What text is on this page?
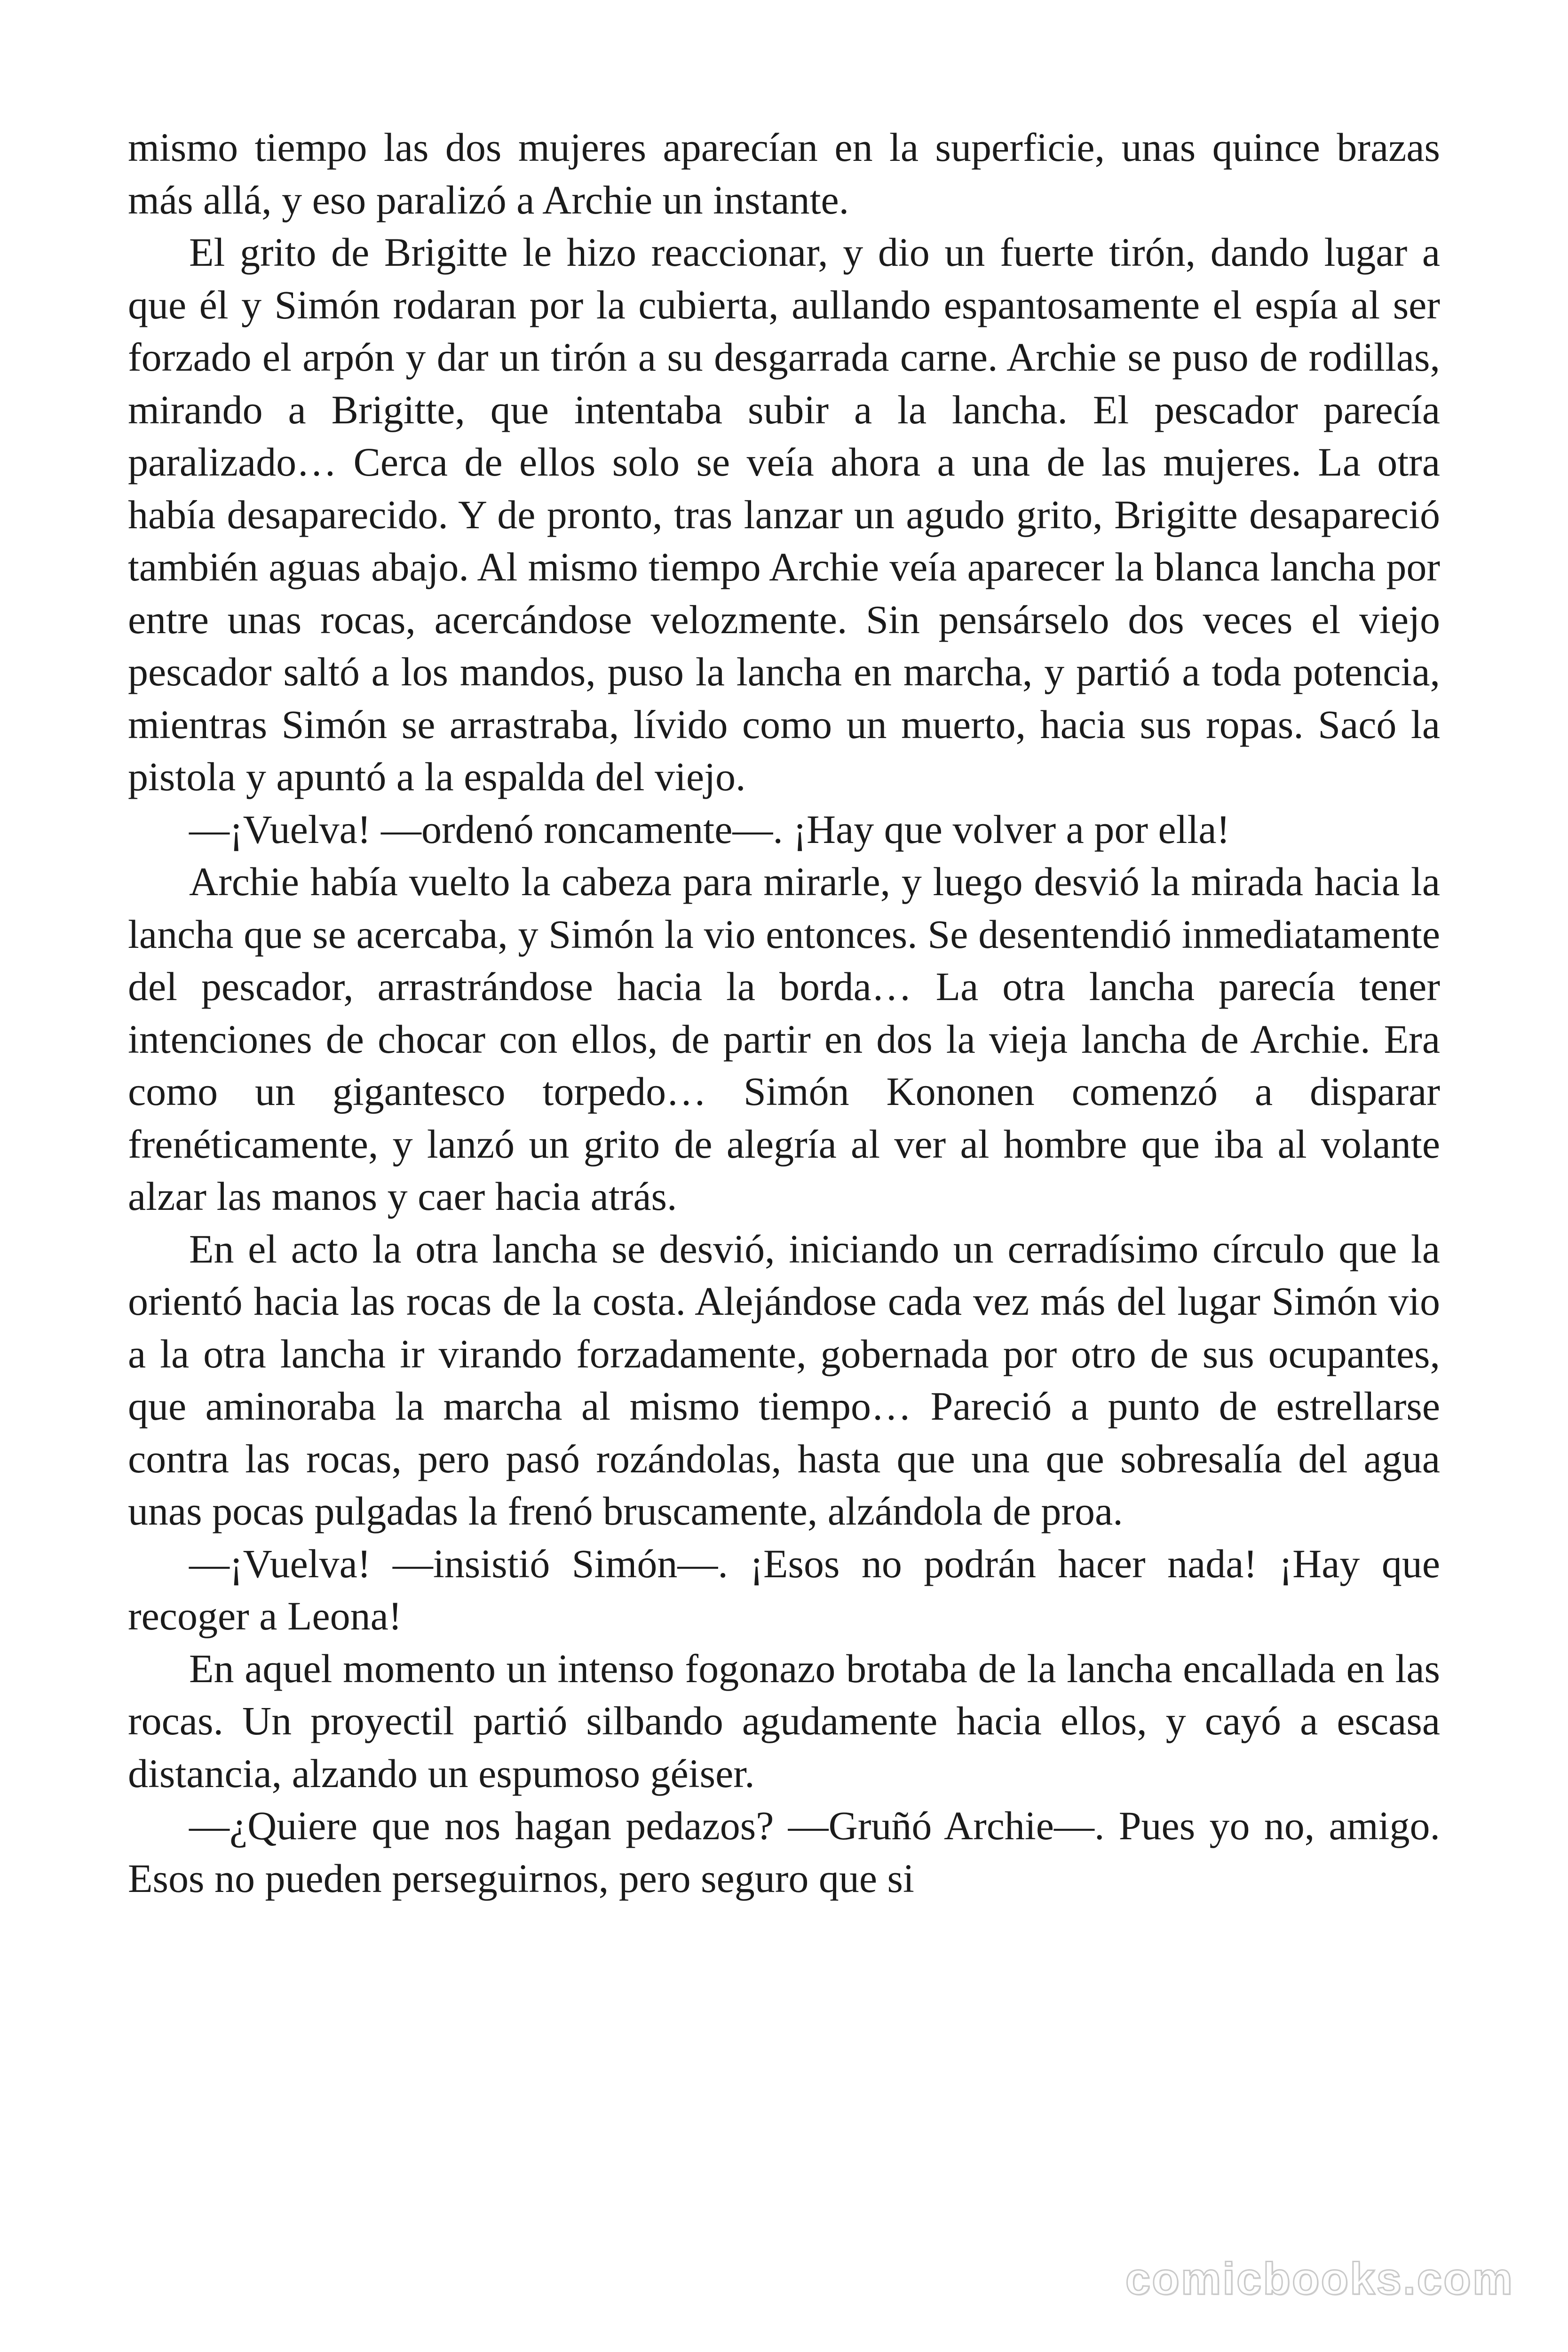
mismo tiempo las dos mujeres aparecían en la superficie, unas quince brazas más allá, y eso paralizó a Archie un instante.

El grito de Brigitte le hizo reaccionar, y dio un fuerte tirón, dando lugar a que él y Simón rodaran por la cubierta, aullando espantosamente el espía al ser forzado el arpón y dar un tirón a su desgarrada carne. Archie se puso de rodillas, mirando a Brigitte, que intentaba subir a la lancha. El pescador parecía paralizado… Cerca de ellos solo se veía ahora a una de las mujeres. La otra había desaparecido. Y de pronto, tras lanzar un agudo grito, Brigitte desapareció también aguas abajo. Al mismo tiempo Archie veía aparecer la blanca lancha por entre unas rocas, acercándose velozmente. Sin pensárselo dos veces el viejo pescador saltó a los mandos, puso la lancha en marcha, y partió a toda potencia, mientras Simón se arrastraba, lívido como un muerto, hacia sus ropas. Sacó la pistola y apuntó a la espalda del viejo.

—¡Vuelva! —ordenó roncamente—. ¡Hay que volver a por ella!

Archie había vuelto la cabeza para mirarle, y luego desvió la mirada hacia la lancha que se acercaba, y Simón la vio entonces. Se desentendió inmediatamente del pescador, arrastrándose hacia la borda… La otra lancha parecía tener intenciones de chocar con ellos, de partir en dos la vieja lancha de Archie. Era como un gigantesco torpedo… Simón Kononen comenzó a disparar frenéticamente, y lanzó un grito de alegría al ver al hombre que iba al volante alzar las manos y caer hacia atrás.

En el acto la otra lancha se desvió, iniciando un cerradísimo círculo que la orientó hacia las rocas de la costa. Alejándose cada vez más del lugar Simón vio a la otra lancha ir virando forzadamente, gobernada por otro de sus ocupantes, que aminoraba la marcha al mismo tiempo… Pareció a punto de estrellarse contra las rocas, pero pasó rozándolas, hasta que una que sobresalía del agua unas pocas pulgadas la frenó bruscamente, alzándola de proa.

—¡Vuelva! —insistió Simón—. ¡Esos no podrán hacer nada! ¡Hay que recoger a Leona!

En aquel momento un intenso fogonazo brotaba de la lancha encallada en las rocas. Un proyectil partió silbando agudamente hacia ellos, y cayó a escasa distancia, alzando un espumoso géiser.

—¿Quiere que nos hagan pedazos? —Gruñó Archie—. Pues yo no, amigo. Esos no pueden perseguirnos, pero seguro que si

comicbooks.com
